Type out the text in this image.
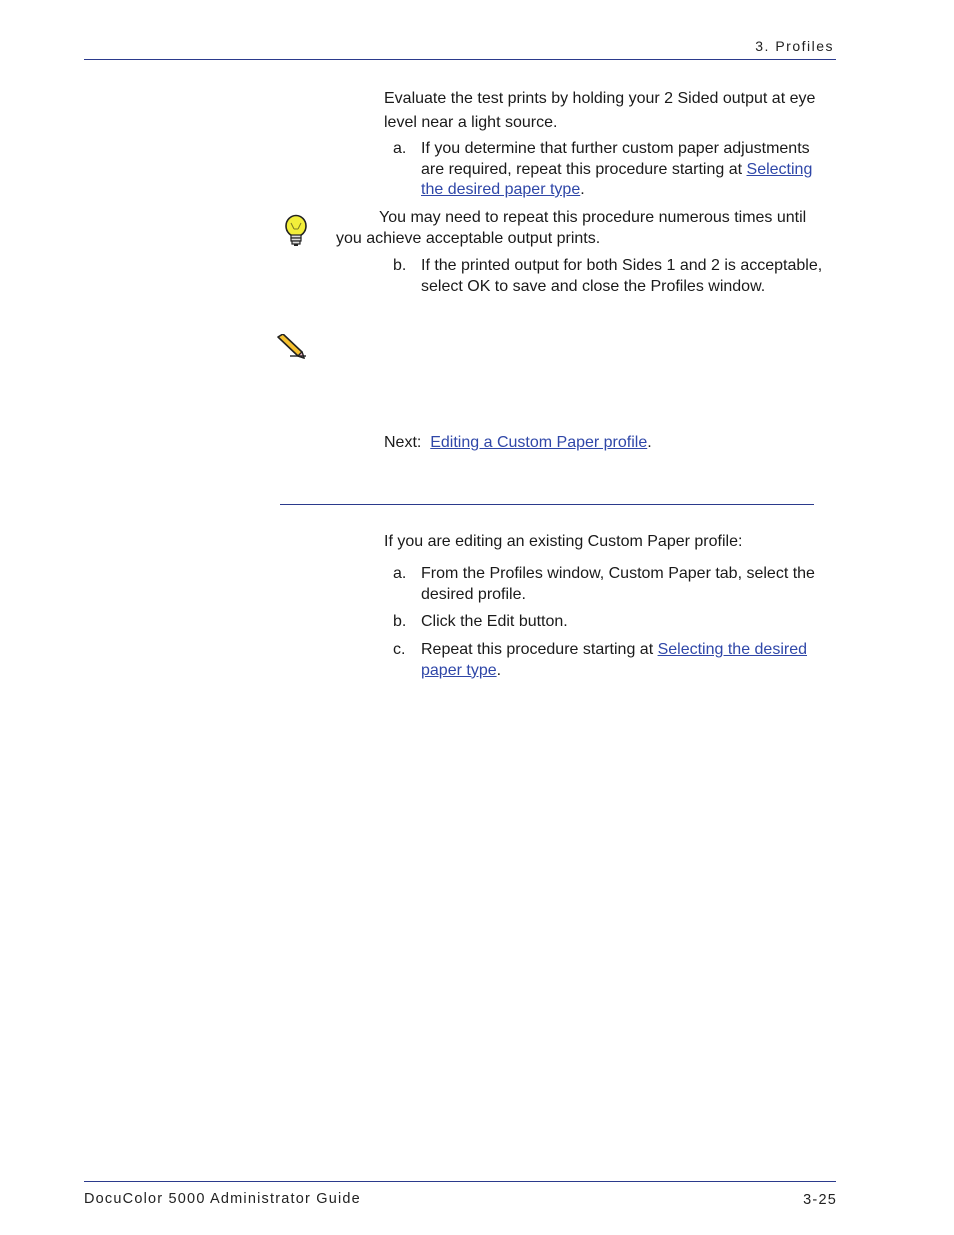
3. Profiles
Evaluate the test prints by holding your 2 Sided output at eye level near a light source.
a. If you determine that further custom paper adjustments are required, repeat this procedure starting at Selecting the desired paper type.
You may need to repeat this procedure numerous times until you achieve acceptable output prints.
b. If the printed output for both Sides 1 and 2 is acceptable, select OK to save and close the Profiles window.
Next: Editing a Custom Paper profile.
If you are editing an existing Custom Paper profile:
a. From the Profiles window, Custom Paper tab, select the desired profile.
b. Click the Edit button.
c. Repeat this procedure starting at Selecting the desired paper type.
DocuColor 5000 Administrator Guide	3-25
